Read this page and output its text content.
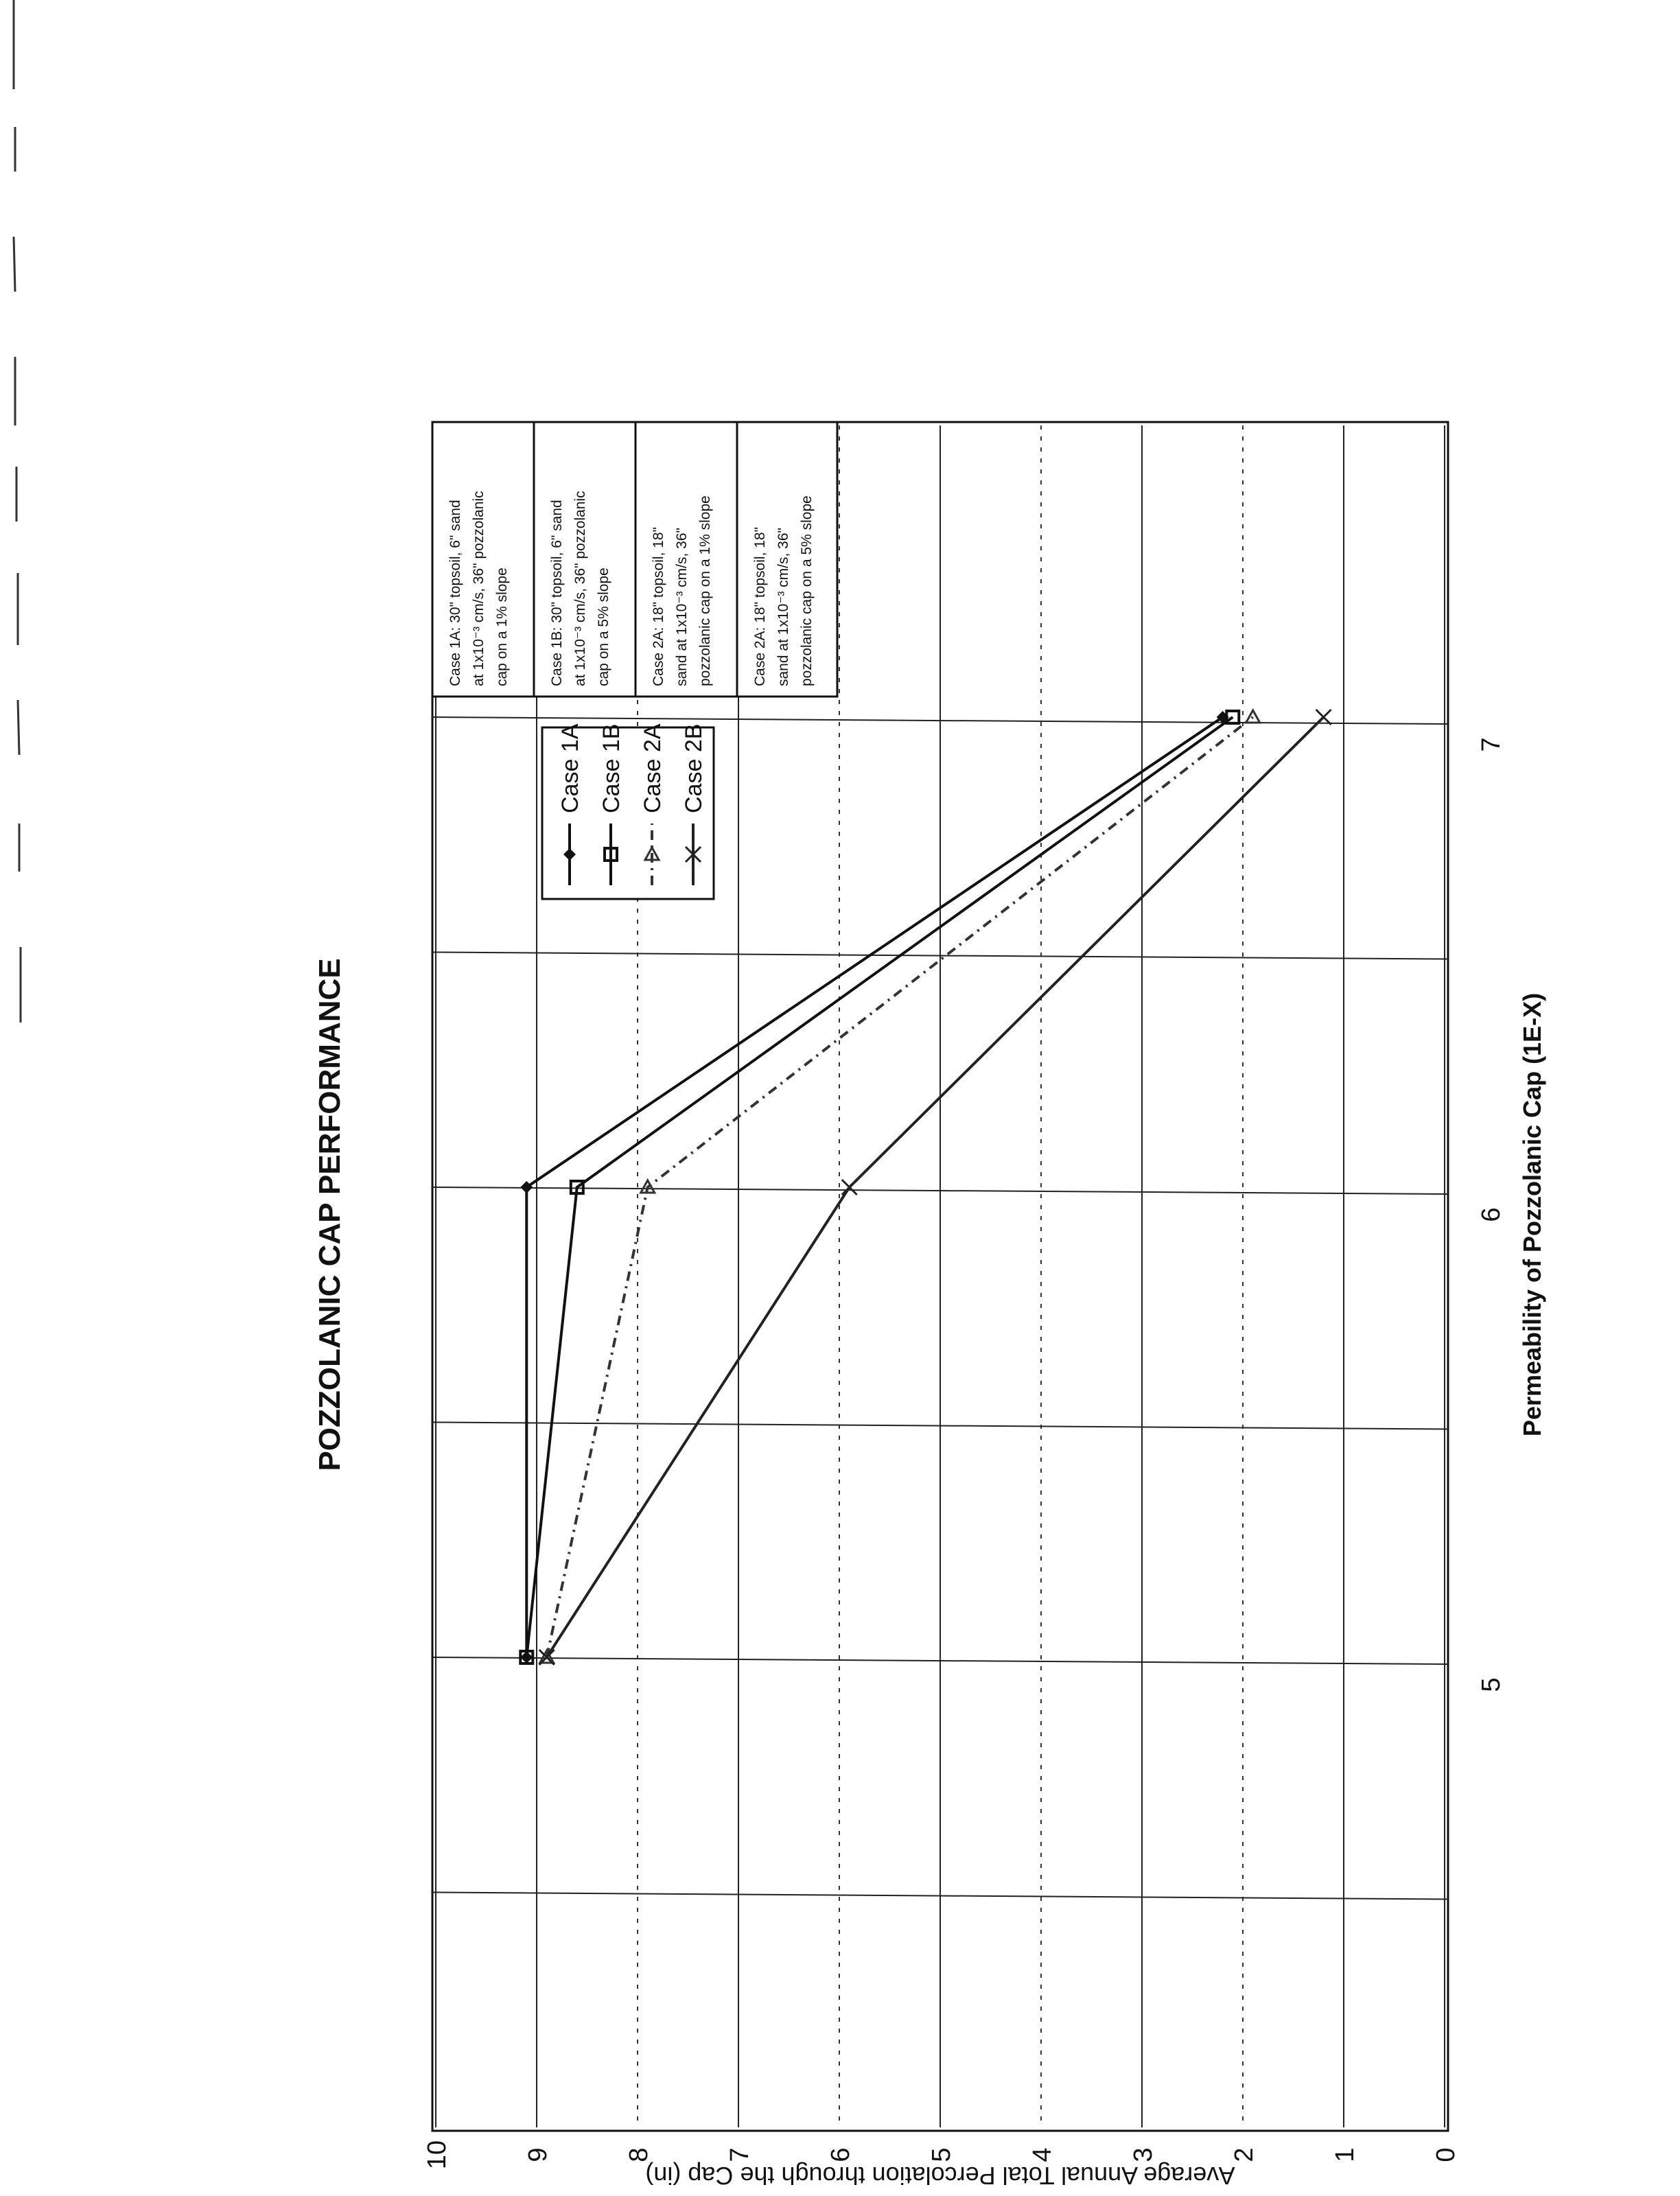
Case 1A: 30" topsoil, 6" sand at 1x10⁻³ cm/s, 36" pozzolanic cap on a 1% slope	Case 1B: 30" topsoil, 6" sand at 1x10⁻³ cm/s, 36" pozzolanic cap on a 5% slope	Case 2A: 18" topsoil, 18" sand at 1x10⁻³ cm/s, 36" pozzolanic cap on a 1% slope	Case 2A: 18" topsoil, 18" sand at 1x10⁻³ cm/s, 36" pozzolanic cap on a 5% slope
Case 1A Case 1B Case 2A Case 2B
0
1
2
3
4
5
6
7
8
9
10
5
6
7
POZZOLANIC CAP PERFORMANCE	Permeability of Pozzolanic Cap (1E-X)
Average Annual Total Percolation through the Cap (in)
